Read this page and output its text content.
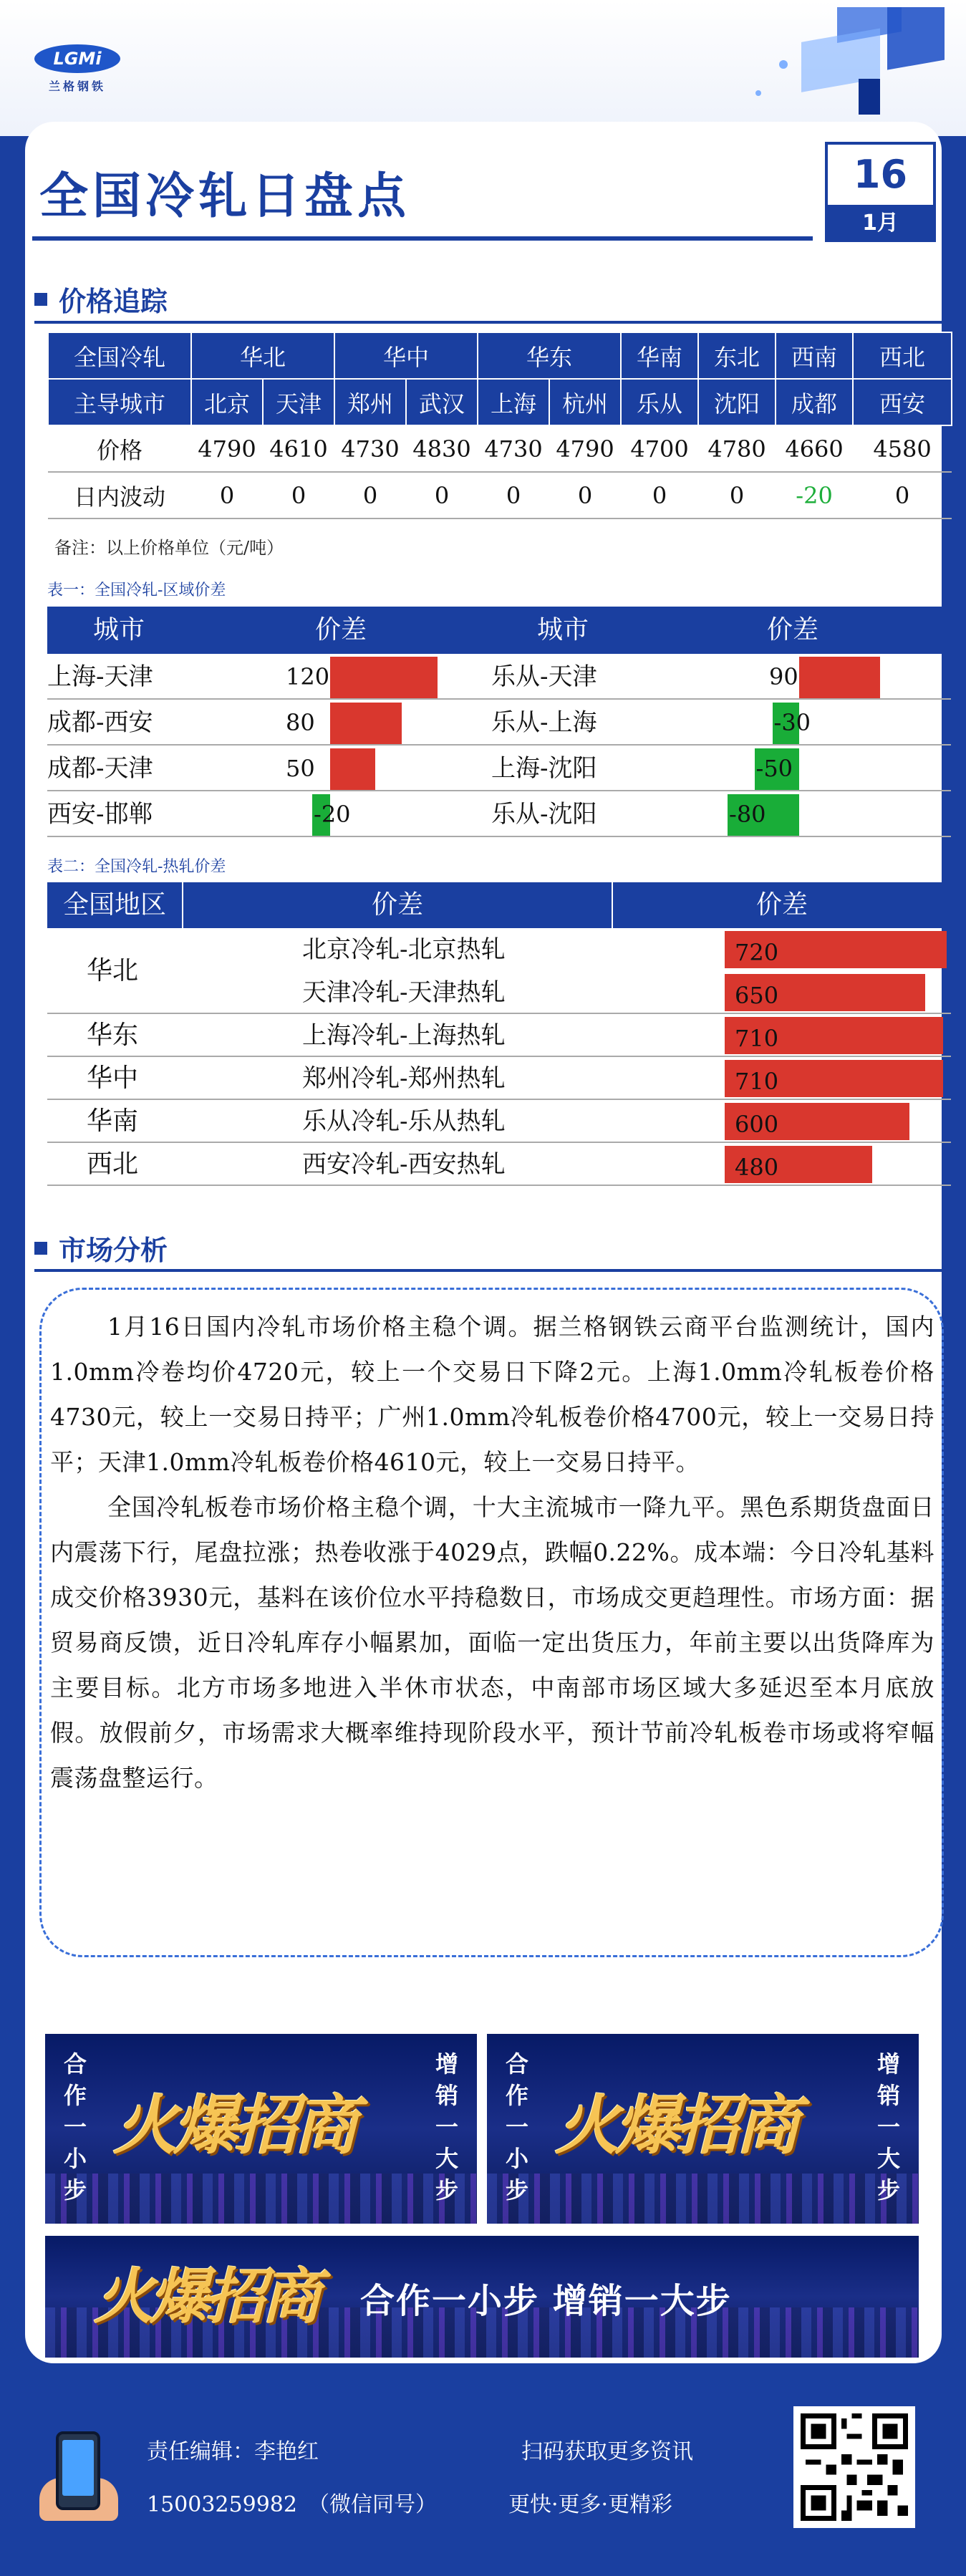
LGMi
兰格钢铁
全国冷轧日盘点	16
1月
价格追踪
全国冷轧	华北		华中		华东		华南	东北	西南	西北
主导城市	北京	天津	郑州	武汉	上海	杭州	乐从	沈阳	成都	西安
价格	4790	4610	4730	4830	4730	4790	4700	4780	4660	4580
日内波动	0	0	0	0	0	0	0	0	-20	0
备注：以上价格单位（元/吨）
表一：全国冷轧-区域价差
城市	价差	城市	价差
上海-天津	120	乐从-天津	90
成都-西安	80	乐从-上海	-30
成都-天津	50	上海-沈阳	-50
西安-邯郸	-20	乐从-沈阳	-80
表二：全国冷轧-热轧价差
全国地区	价差	价差
华北
北京冷轧-北京热轧	720
天津冷轧-天津热轧	650
华东	上海冷轧-上海热轧	710
华中	郑州冷轧-郑州热轧	710
华南	乐从冷轧-乐从热轧	600
西北	西安冷轧-西安热轧	480
市场分析

1月16日国内冷轧市场价格主稳个调。据兰格钢铁云商平台监测统计，国内1.0mm冷卷均价4720元，较上一个交易日下降2元。上海1.0mm冷轧板卷价格4730元，较上一交易日持平；广州1.0mm冷轧板卷价格4700元，较上一交易日持平；天津1.0mm冷轧板卷价格4610元，较上一交易日持平。

全国冷轧板卷市场价格主稳个调，十大主流城市一降九平。黑色系期货盘面日内震荡下行，尾盘拉涨；热卷收涨于4029点，跌幅0.22%。成本端：今日冷轧基料成交价格3930元，基料在该价位水平持稳数日，市场成交更趋理性。市场方面：据贸易商反馈，近日冷轧库存小幅累加，面临一定出货压力，年前主要以出货降库为主要目标。北方市场多地进入半休市状态，中南部市场区域大多延迟至本月底放假。放假前夕，市场需求大概率维持现阶段水平，预计节前冷轧板卷市场或将窄幅震荡盘整运行。

合作一小步
增销一大步
火爆招商
合作一小步
增销一大步
火爆招商
火爆招商 合作一小步 增销一大步
责任编辑：李艳红
15003259982　（微信同号）
扫码获取更多资讯
更快·更多·更精彩
